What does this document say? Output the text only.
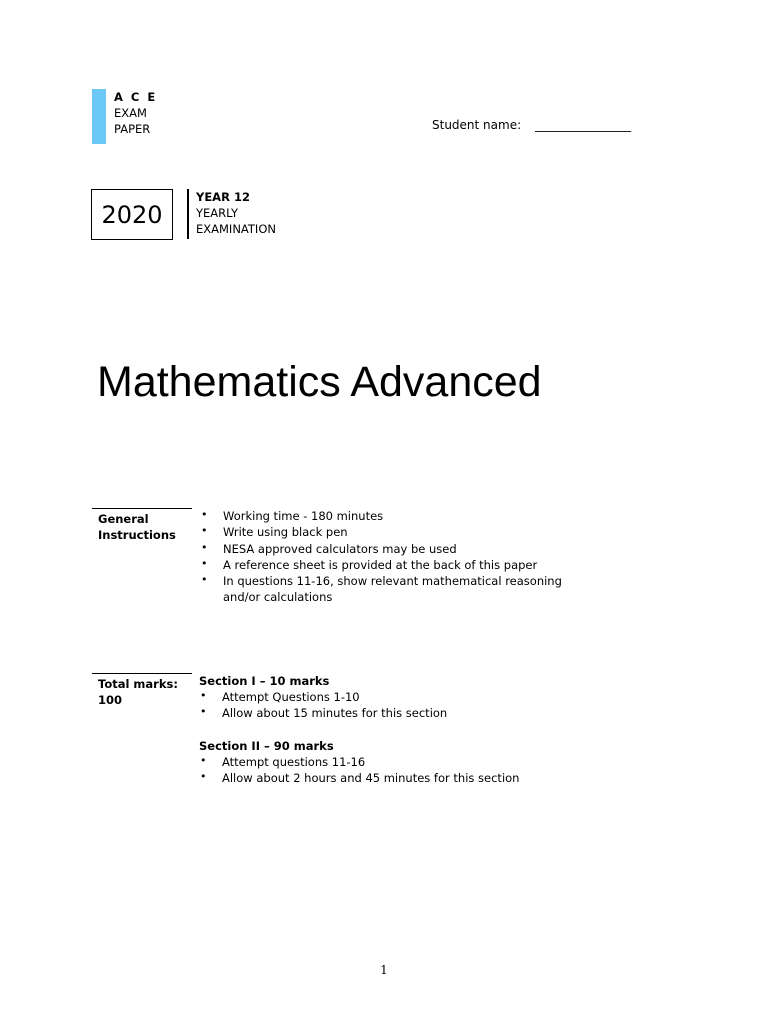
A C E
EXAM
PAPER	Student name: ________________
2020
YEAR 12
YEARLY
EXAMINATION
Mathematics Advanced
General
Instructions
• Working time - 180 minutes
• Write using black pen
• NESA approved calculators may be used
• A reference sheet is provided at the back of this paper
• In questions 11-16, show relevant mathematical reasoning and/or calculations
Total marks:
100
Section I – 10 marks
• Attempt Questions 1-10
• Allow about 15 minutes for this section
Section II – 90 marks
• Attempt questions 11-16
• Allow about 2 hours and 45 minutes for this section
1
